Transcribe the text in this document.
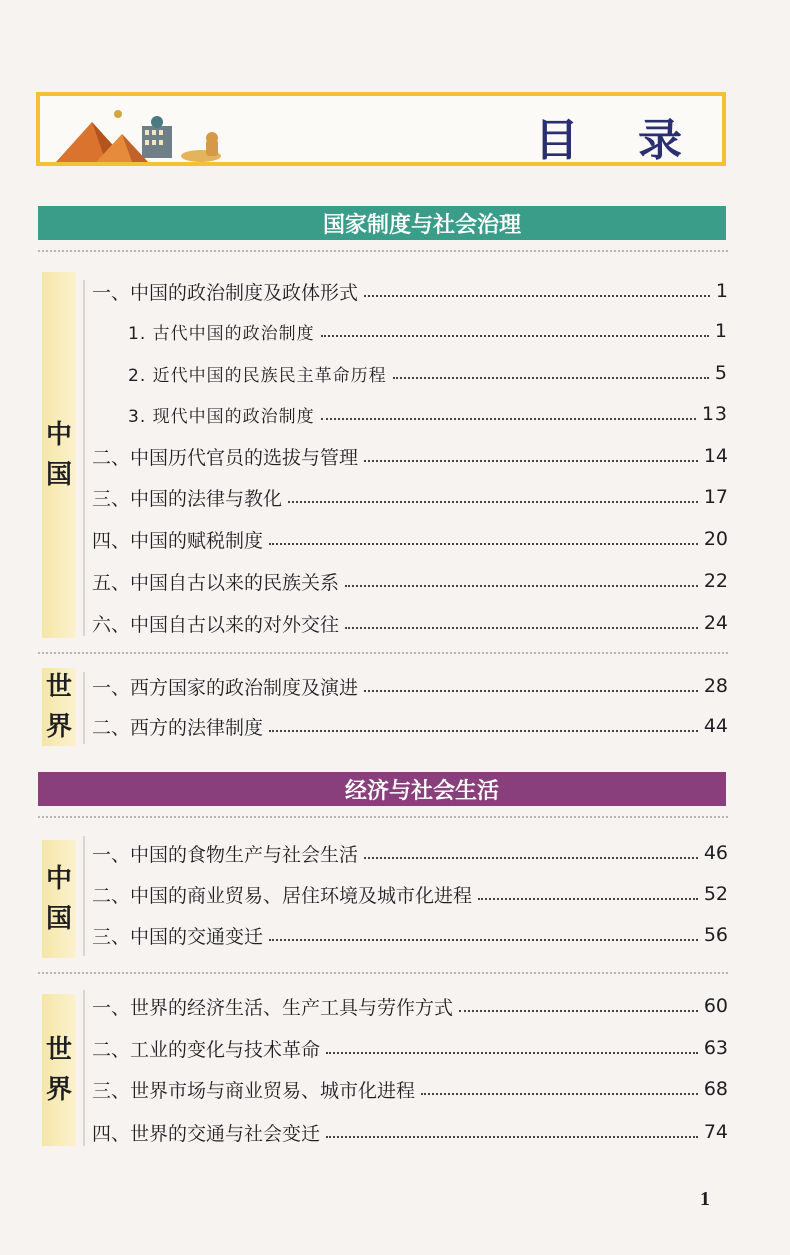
目 录
国家制度与社会治理
中
国
一、中国的政治制度及政体形式	1
1. 古代中国的政治制度	1
2. 近代中国的民族民主革命历程	5
3. 现代中国的政治制度	13
二、中国历代官员的选拔与管理	14
三、中国的法律与教化	17
四、中国的赋税制度	20
五、中国自古以来的民族关系	22
六、中国自古以来的对外交往	24
世
界
一、西方国家的政治制度及演进	28
二、西方的法律制度	44
经济与社会生活
中
国
一、中国的食物生产与社会生活	46
二、中国的商业贸易、居住环境及城市化进程	52
三、中国的交通变迁	56
世
界
一、世界的经济生活、生产工具与劳作方式	60
二、工业的变化与技术革命	63
三、世界市场与商业贸易、城市化进程	68
四、世界的交通与社会变迁	74
1
